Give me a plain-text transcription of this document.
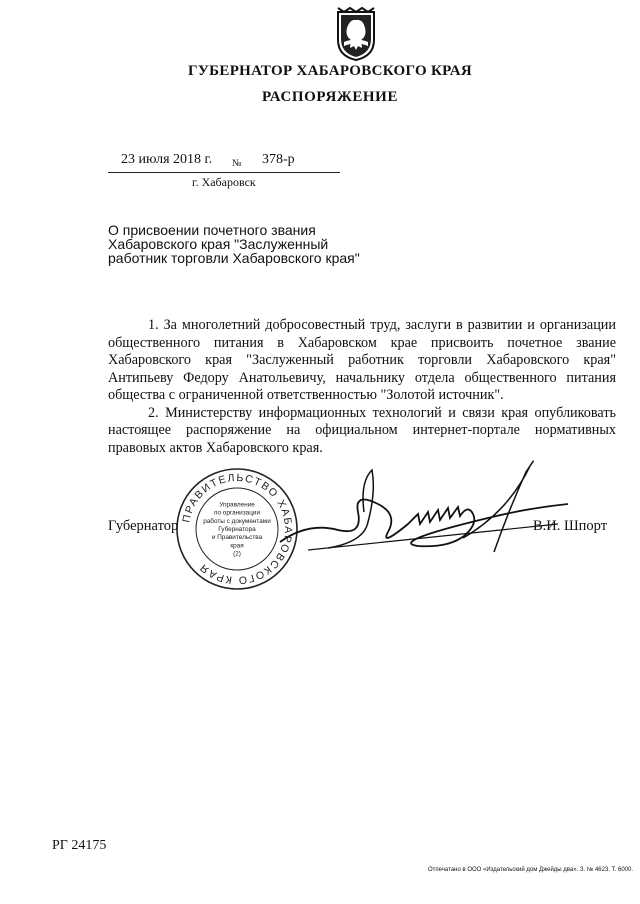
ГУБЕРНАТОР ХАБАРОВСКОГО КРАЯ
РАСПОРЯЖЕНИЕ
23 июля 2018 г. № 378-р
г. Хабаровск
О присвоении почетного звания Хабаровского края "Заслуженный работник торговли Хабаровского края"

1. За многолетний добросовестный труд, заслуги в развитии и организации общественного питания в Хабаровском крае присвоить почетное звание Хабаровского края "Заслуженный работник торговли Хабаровского края" Антипьеву Федору Анатольевичу, начальнику отдела общественного питания общества с ограниченной ответственностью "Золотой источник".

2. Министерству информационных технологий и связи края опубликовать настоящее распоряжение на официальном интернет-портале нормативных правовых актов Хабаровского края.

ПРАВИТЕЛЬСТВО ХАБАРОВСКОГО КРАЯ
Управление
по организации
работы с документами
Губернатора
и Правительства
края
(2)
Губернатор	В.И. Шпорт
РГ 24175
Отпечатано в ООО «Издательский дом Джейды два». З. № 4623. Т. 6000.
